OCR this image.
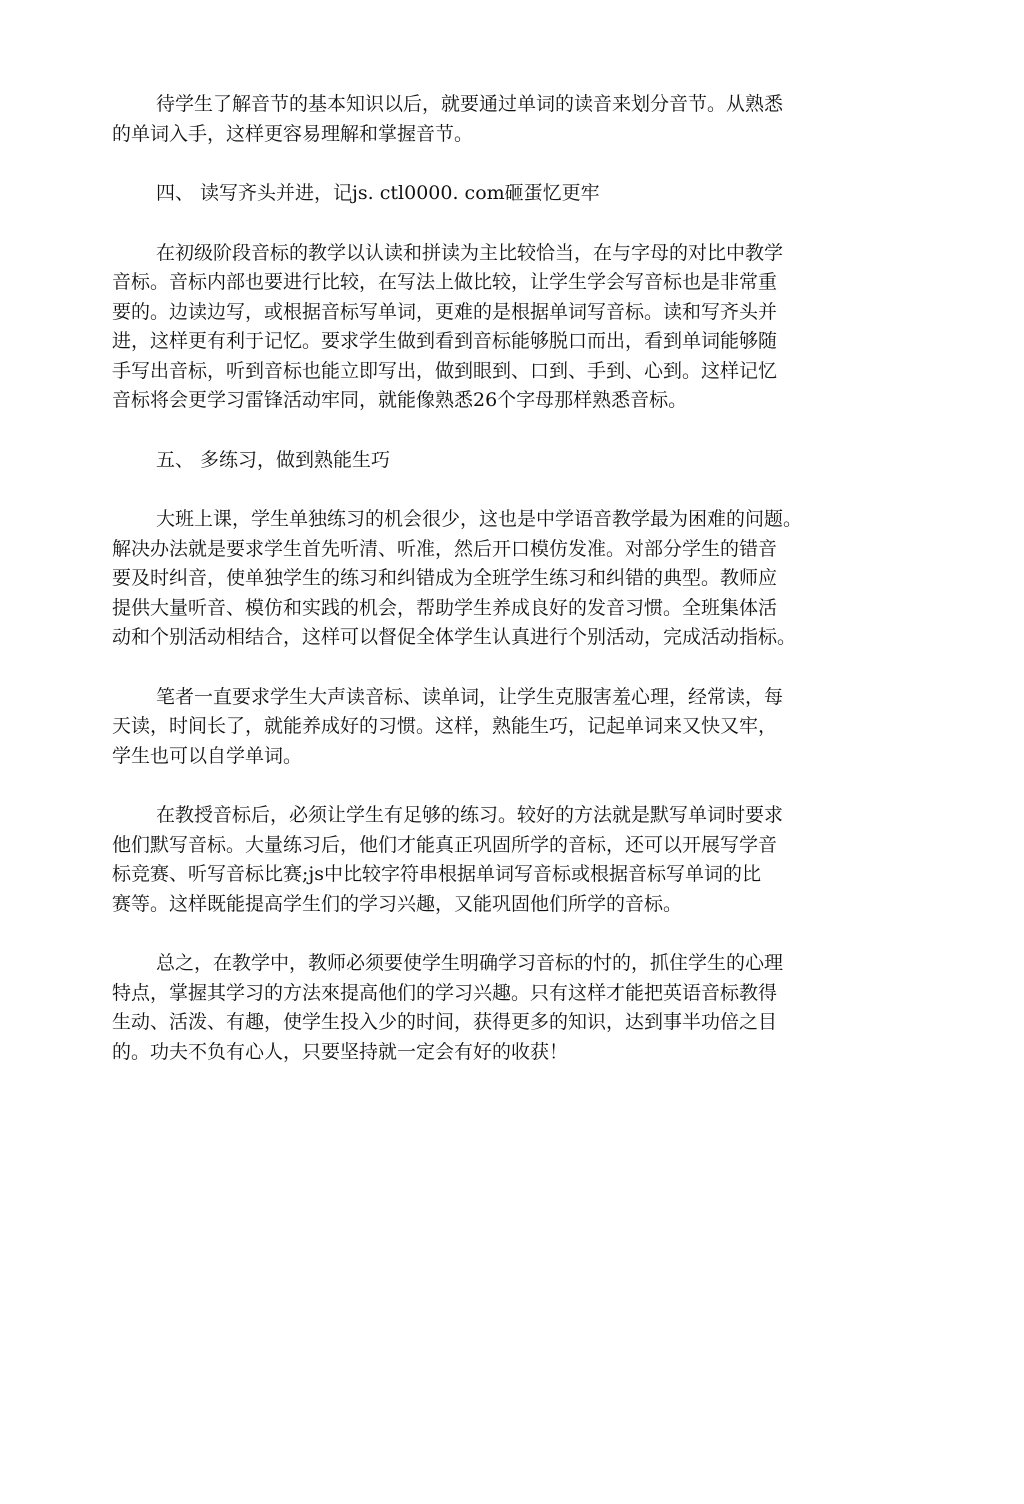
待学生了解音节的基本知识以后，就要通过单词的读音来划分音节。从熟悉
的单词入手，这样更容易理解和掌握音节。

四、 读写齐头并进，记js. ctl0000. com砸蛋忆更牢

在初级阶段音标的教学以认读和拼读为主比较恰当，在与字母的对比中教学
音标。音标内部也要进行比较，在写法上做比较，让学生学会写音标也是非常重
要的。边读边写，或根据音标写单词，更难的是根据单词写音标。读和写齐头并
进，这样更有利于记忆。要求学生做到看到音标能够脱口而出，看到单词能够随
手写出音标，听到音标也能立即写出，做到眼到、口到、手到、心到。这样记忆
音标将会更学习雷锋活动牢同，就能像熟悉26个字母那样熟悉音标。

五、 多练习，做到熟能生巧

大班上课，学生单独练习的机会很少，这也是中学语音教学最为困难的问题。
解决办法就是要求学生首先听清、听准，然后开口模仿发准。对部分学生的错音
要及时纠音，使单独学生的练习和纠错成为全班学生练习和纠错的典型。教师应
提供大量听音、模仿和实践的机会，帮助学生养成良好的发音习惯。全班集体活
动和个别活动相结合，这样可以督促全体学生认真进行个别活动，完成活动指标。

笔者一直要求学生大声读音标、读单词，让学生克服害羞心理，经常读，每
天读，时间长了，就能养成好的习惯。这样，熟能生巧，记起单词来又快又牢，
学生也可以自学单词。

在教授音标后，必须让学生有足够的练习。较好的方法就是默写单词时要求
他们默写音标。大量练习后，他们才能真正巩固所学的音标，还可以开展写学音
标竞赛、听写音标比赛;js中比较字符串根据单词写音标或根据音标写单词的比
赛等。这样既能提高学生们的学习兴趣，又能巩固他们所学的音标。

总之，在教学中，教师必须要使学生明确学习音标的忖的，抓住学生的心理
特点，掌握其学习的方法來提高他们的学习兴趣。只有这样才能把英语音标教得
生动、活泼、有趣，使学生投入少的时间，获得更多的知识，达到事半功倍之目
的。功夫不负有心人，只要坚持就一定会有好的收获！
